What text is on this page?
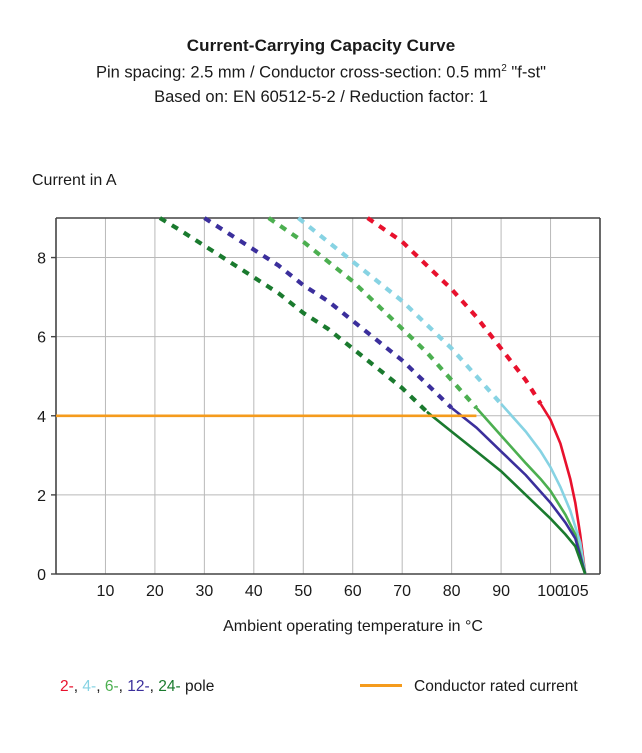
Current-Carrying Capacity Curve
Pin spacing: 2.5 mm / Conductor cross-section: 0.5 $mm^2$ "f-st"
Based on: EN 60512-5-2 / Reduction factor: 1
Current in A
10 20 30 40 50 60 70 80 90 100
105
0
2
4
6
8
Ambient operating temperature in °C
2-, 4-, 6-, 12-, 24- pole	Conductor rated current
